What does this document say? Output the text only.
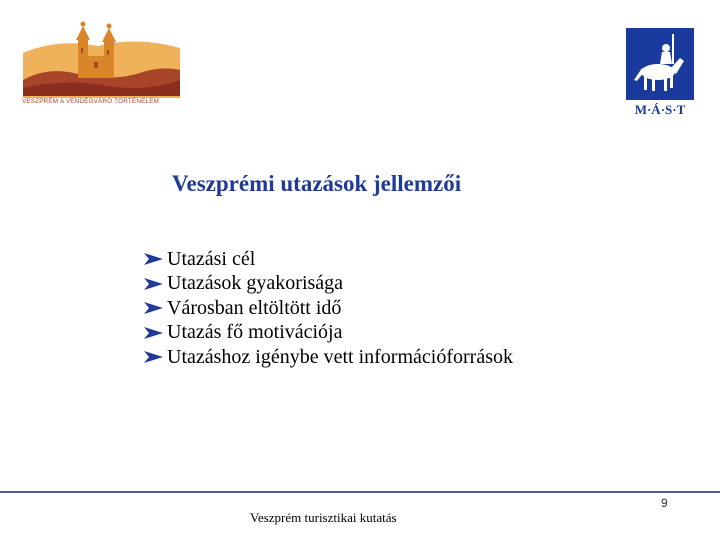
VESZPRÉM A VENDÉGVÁRÓ TÖRTÉNELEM
M·Á·S·T
Veszprémi utazások jellemzői
Utazási cél
Utazások gyakorisága
Városban eltöltött idő
Utazás fő motivációja
Utazáshoz igénybe vett információforrások
Veszprém turisztikai kutatás
9
